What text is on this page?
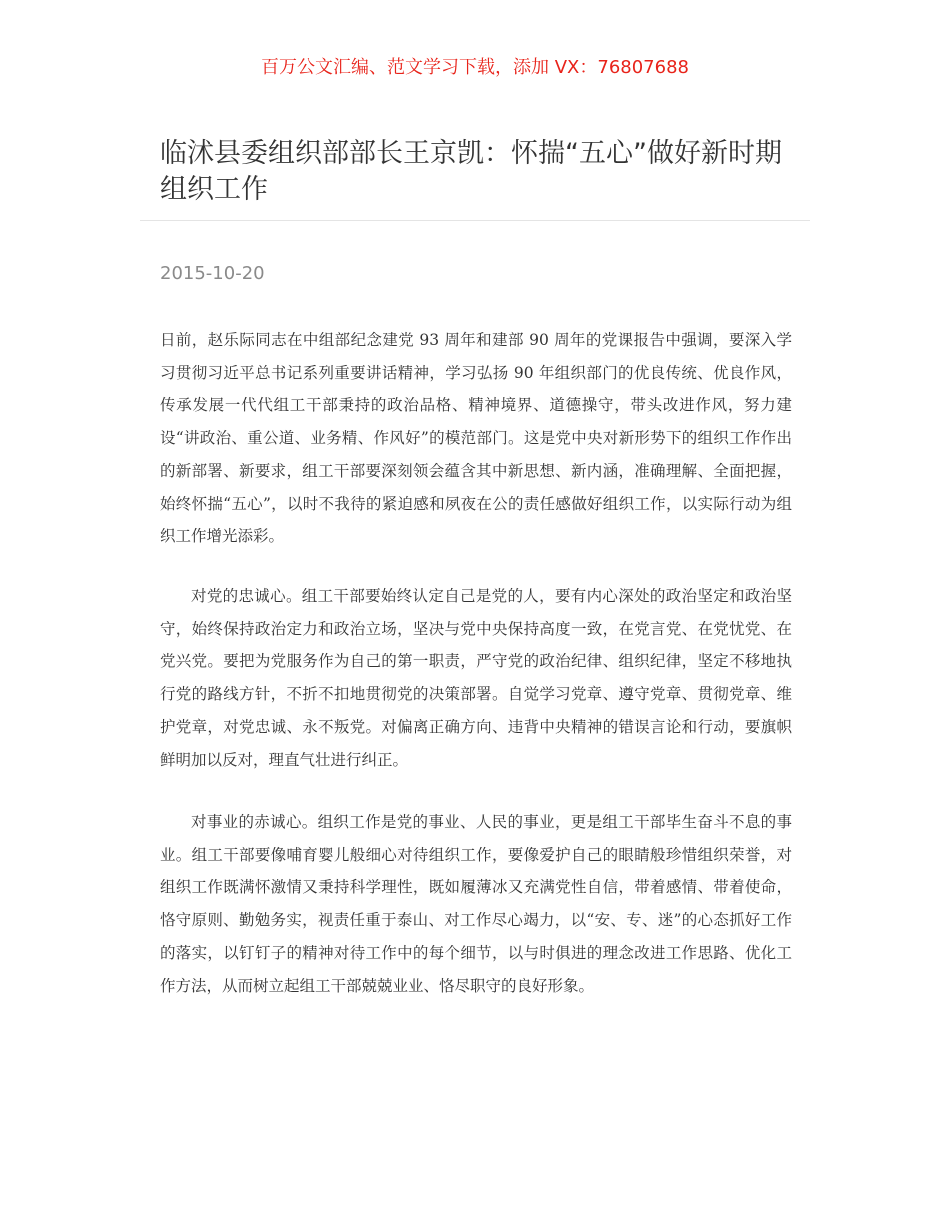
百万公文汇编、范文学习下载，添加 VX：76807688
临沭县委组织部部长王京凯：怀揣“五心”做好新时期组织工作
2015-10-20

日前，赵乐际同志在中组部纪念建党 93 周年和建部 90 周年的党课报告中强调，要深入学习贯彻习近平总书记系列重要讲话精神，学习弘扬 90 年组织部门的优良传统、优良作风，传承发展一代代组工干部秉持的政治品格、精神境界、道德操守，带头改进作风，努力建设“讲政治、重公道、业务精、作风好”的模范部门。这是党中央对新形势下的组织工作作出的新部署、新要求，组工干部要深刻领会蕴含其中新思想、新内涵，准确理解、全面把握，始终怀揣“五心”，以时不我待的紧迫感和夙夜在公的责任感做好组织工作，以实际行动为组织工作增光添彩。

对党的忠诚心。组工干部要始终认定自己是党的人，要有内心深处的政治坚定和政治坚守，始终保持政治定力和政治立场，坚决与党中央保持高度一致，在党言党、在党忧党、在党兴党。要把为党服务作为自己的第一职责，严守党的政治纪律、组织纪律，坚定不移地执行党的路线方针，不折不扣地贯彻党的决策部署。自觉学习党章、遵守党章、贯彻党章、维护党章，对党忠诚、永不叛党。对偏离正确方向、违背中央精神的错误言论和行动，要旗帜鲜明加以反对，理直气壮进行纠正。

对事业的赤诚心。组织工作是党的事业、人民的事业，更是组工干部毕生奋斗不息的事业。组工干部要像哺育婴儿般细心对待组织工作，要像爱护自己的眼睛般珍惜组织荣誉，对组织工作既满怀激情又秉持科学理性，既如履薄冰又充满党性自信，带着感情、带着使命，恪守原则、勤勉务实，视责任重于泰山、对工作尽心竭力，以“安、专、迷”的心态抓好工作的落实，以钉钉子的精神对待工作中的每个细节，以与时俱进的理念改进工作思路、优化工作方法，从而树立起组工干部兢兢业业、恪尽职守的良好形象。
